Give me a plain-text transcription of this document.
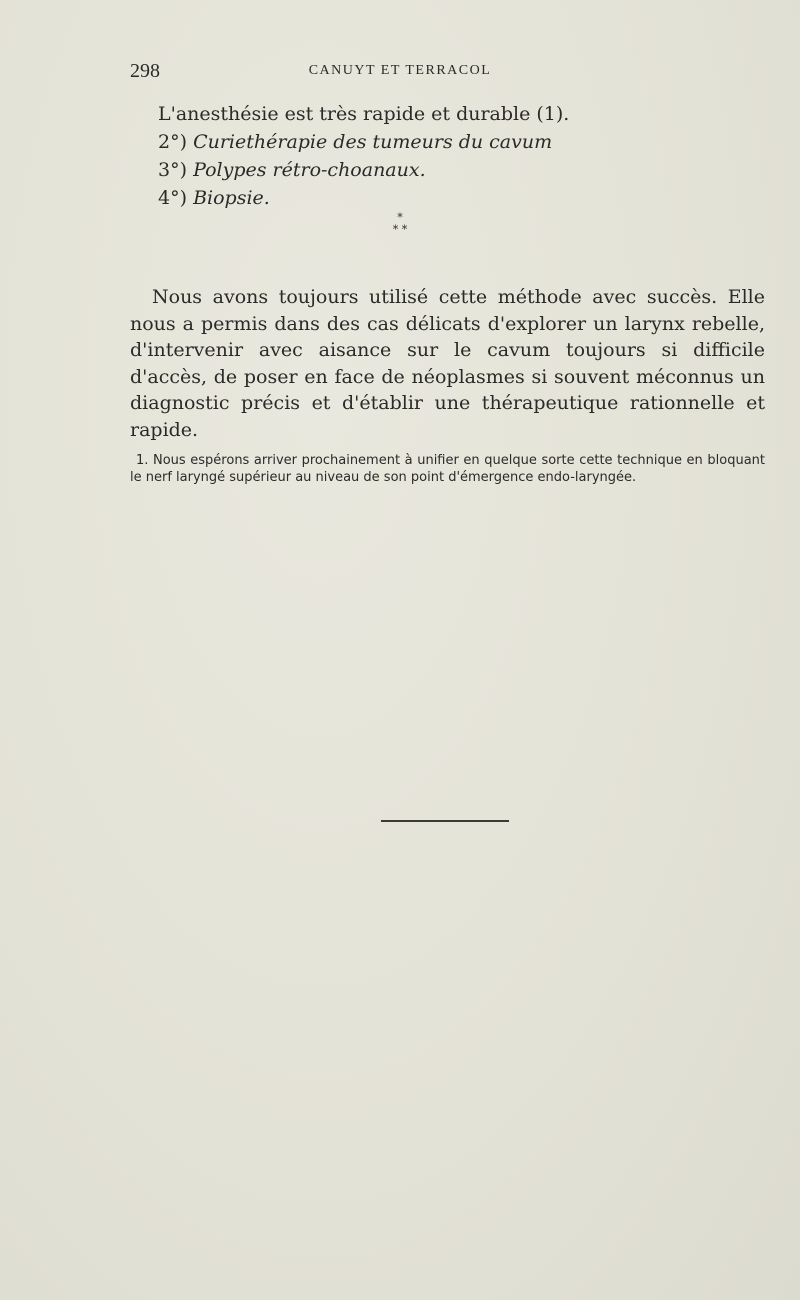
298	CANUYT ET TERRACOL
L'anesthésie est très rapide et durable (1).
2°) Curiethérapie des tumeurs du cavum
3°) Polypes rétro-choanaux.
4°) Biopsie.
*
* *
Nous avons toujours utilisé cette méthode avec succès. Elle nous a permis dans des cas délicats d'explorer un larynx rebelle, d'intervenir avec aisance sur le cavum toujours si difficile d'accès, de poser en face de néoplasmes si souvent méconnus un diagnostic précis et d'établir une thérapeutique rationnelle et rapide.
1. Nous espérons arriver prochainement à unifier en quelque sorte cette technique en bloquant le nerf laryngé supérieur au niveau de son point d'émergence endo-laryngée.
